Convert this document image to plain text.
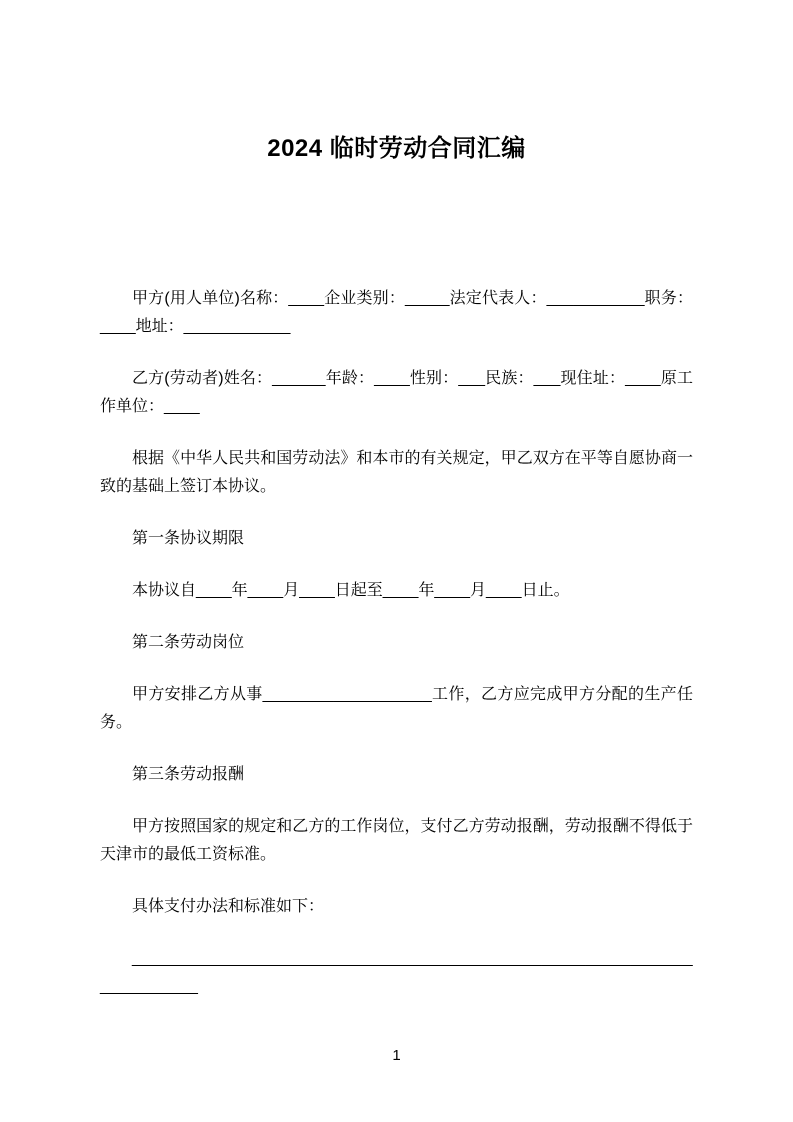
2024 临时劳动合同汇编

甲方(用人单位)名称：____企业类别：_____法定代表人：___________职务：____地址：____________

乙方(劳动者)姓名：______年龄：____性别：___民族：___现住址：____原工作单位：____

根据《中华人民共和国劳动法》和本市的有关规定，甲乙双方在平等自愿协商一致的基础上签订本协议。

第一条协议期限

本协议自____年____月____日起至____年____月____日止。

第二条劳动岗位

甲方安排乙方从事___________________工作，乙方应完成甲方分配的生产任务。

第三条劳动报酬

甲方按照国家的规定和乙方的工作岗位，支付乙方劳动报酬，劳动报酬不得低于天津市的最低工资标准。

具体支付办法和标准如下：

_______________________________________________________________

___________

1
